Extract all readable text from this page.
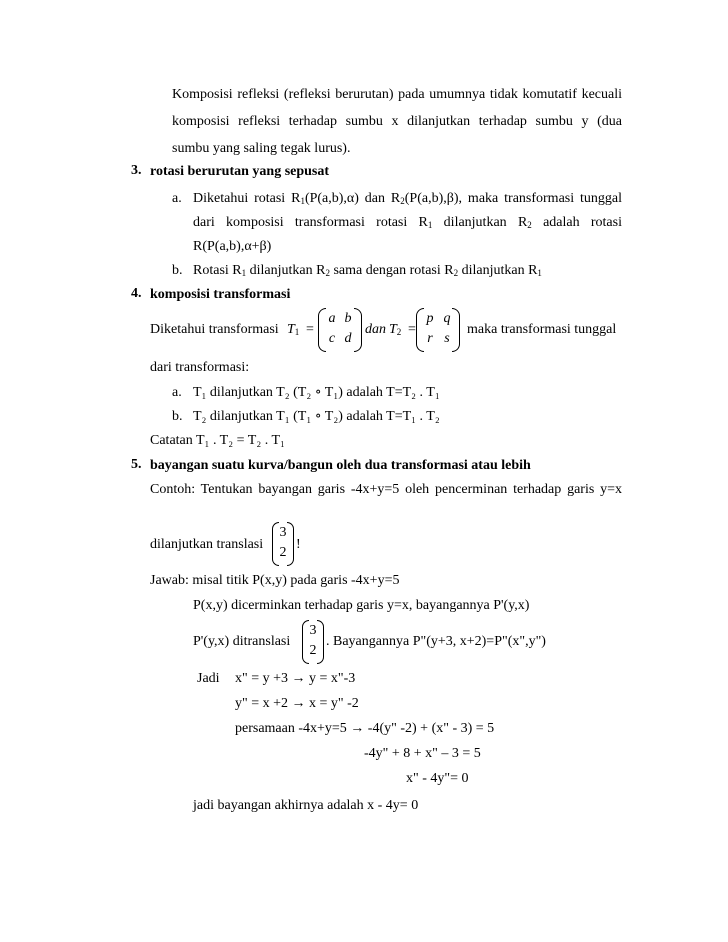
Komposisi refleksi (refleksi berurutan) pada umumnya tidak komutatif kecuali
komposisi refleksi terhadap sumbu x dilanjutkan terhadap sumbu y (dua
sumbu yang saling tegak lurus).
3. rotasi berurutan yang sepusat
a. Diketahui rotasi $R_1(P(a,b),\alpha)$ dan $R_2(P(a,b),\beta)$, maka transformasi tunggal
dari komposisi transformasi rotasi $R_1$ dilanjutkan $R_2$ adalah rotasi
R(P(a,b),α+β)
b. Rotasi $R_1$ dilanjutkan $R_2$ sama dengan rotasi $R_2$ dilanjutkan $R_1$
4. komposisi transformasi
Diketahui transformasi $T_1$ =
a b
c d
dan $T_2$ =
p q
r s
maka transformasi tunggal
dari transformasi:
a. T₁ dilanjutkan T₂ (T₂ ∘ T₁) adalah T=T₂ . T₁
b. T₂ dilanjutkan T₁ (T₁ ∘ T₂) adalah T=T₁ . T₂
Catatan T₁ . T₂ = T₂ . T₁
5. bayangan suatu kurva/bangun oleh dua transformasi atau lebih
Contoh: Tentukan bayangan garis -4x+y=5 oleh pencerminan terhadap garis y=x
dilanjutkan translasi
3
2
!
Jawab: misal titik P(x,y) pada garis -4x+y=5
P(x,y) dicerminkan terhadap garis y=x, bayangannya P'(y,x)
P'(y,x) ditranslasi
3
2
. Bayangannya P"(y+3, x+2)=P"(x",y")
Jadi x" = y +3 → y = x"-3
y" = x +2 → x = y" -2
persamaan -4x+y=5 → -4(y" -2) + (x" - 3) = 5
-4y" + 8 + x" – 3 = 5
x" - 4y"= 0
jadi bayangan akhirnya adalah x - 4y= 0
